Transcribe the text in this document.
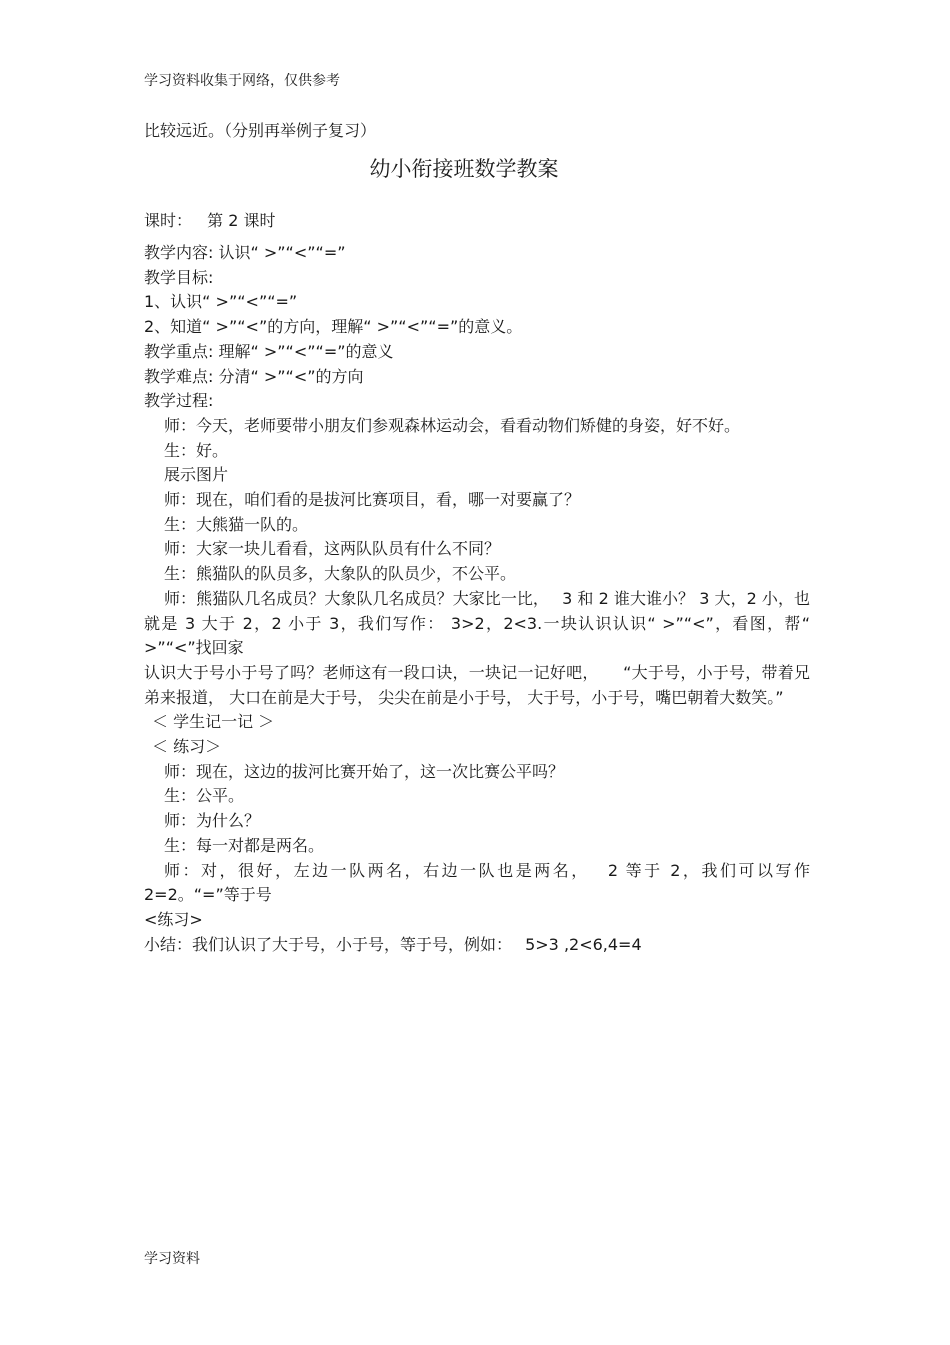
学习资料收集于网络，仅供参考
比较远近。（分别再举例子复习）
幼小衔接班数学教案
课时： 第 2 课时
教学内容: 认识“ >”“<”“=”
教学目标:
1、认识“ >”“<”“=”
2、知道“ >”“<”的方向，理解“ >”“<”“=”的意义。
教学重点: 理解“ >”“<”“=”的意义
教学难点: 分清“ >”“<”的方向
教学过程:
师：今天，老师要带小朋友们参观森林运动会，看看动物们矫健的身姿，好不好。
生：好。
展示图片
师：现在，咱们看的是拔河比赛项目，看，哪一对要赢了？
生：大熊猫一队的。
师：大家一块儿看看，这两队队员有什么不同？
生：熊猫队的队员多，大象队的队员少，不公平。
师：熊猫队几名成员？大象队几名成员？大家比一比，　 3 和 2 谁大谁小？ 3 大，2 小，也就是 3 大于 2，2 小于 3，我们写作： 3>2，2<3.一块认识认识“ >”“<”，看图，帮“ >”“<”找回家
认识大于号小于号了吗？老师这有一段口诀，一块记一记好吧，　　“大于号，小于号，带着兄弟来报道， 大口在前是大于号， 尖尖在前是小于号， 大于号，小于号，嘴巴朝着大数笑。”
＜ 学生记一记 ＞
＜ 练习＞
师：现在，这边的拔河比赛开始了，这一次比赛公平吗？
生：公平。
师：为什么？
生：每一对都是两名。
师：对，很好，左边一队两名，右边一队也是两名，　 2 等于 2，我们可以写作 2=2。“=”等于号
<练习>
小结：我们认识了大于号，小于号，等于号，例如：　 5>3 ,2<6,4=4
学习资料
